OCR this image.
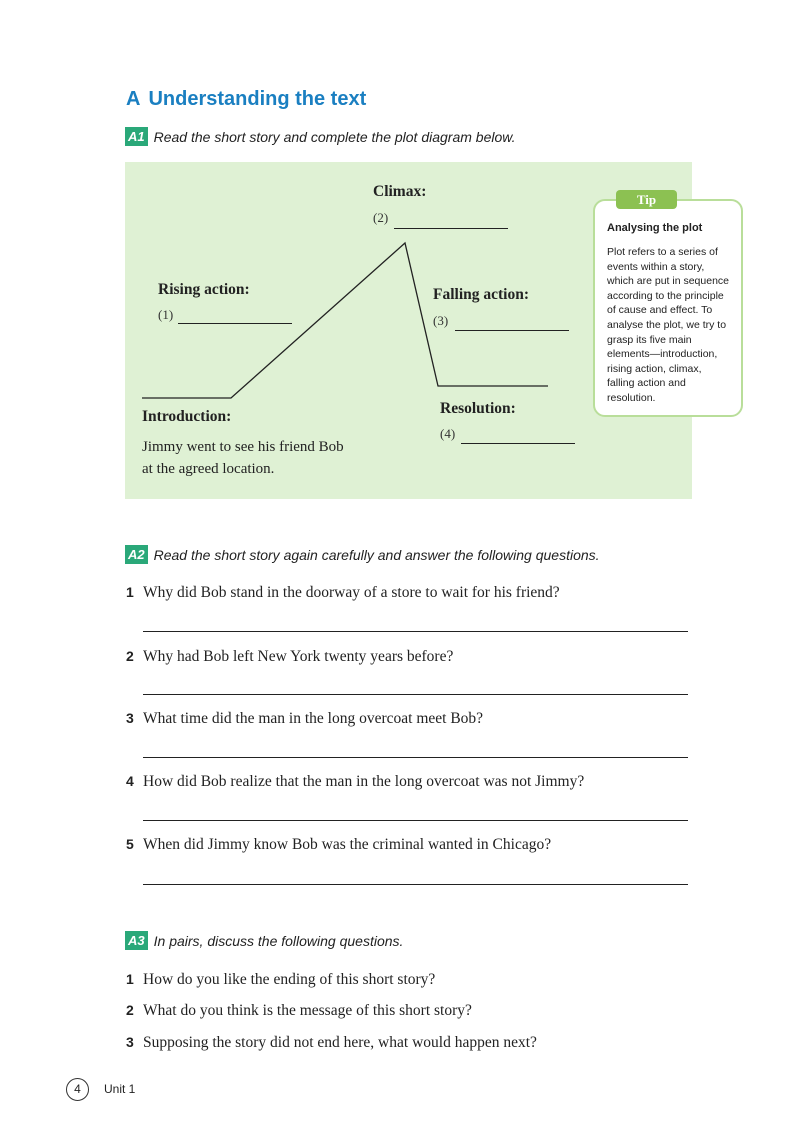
A Understanding the text
A1 Read the short story and complete the plot diagram below.
Climax:
(2)
Rising action:
(1)
Falling action:
(3)
Resolution:
(4)
Introduction:
Jimmy went to see his friend Bob
at the agreed location.
Tip
Analysing the plot
Plot refers to a series of
events within a story,
which are put in sequence
according to the principle
of cause and effect. To
analyse the plot, we try to
grasp its five main
elements—introduction,
rising action, climax,
falling action and
resolution.
A2 Read the short story again carefully and answer the following questions.
1 Why did Bob stand in the doorway of a store to wait for his friend?
2 Why had Bob left New York twenty years before?
3 What time did the man in the long overcoat meet Bob?
4 How did Bob realize that the man in the long overcoat was not Jimmy?
5 When did Jimmy know Bob was the criminal wanted in Chicago?
A3 In pairs, discuss the following questions.
1 How do you like the ending of this short story?
2 What do you think is the message of this short story?
3 Supposing the story did not end here, what would happen next?
4	Unit 1
